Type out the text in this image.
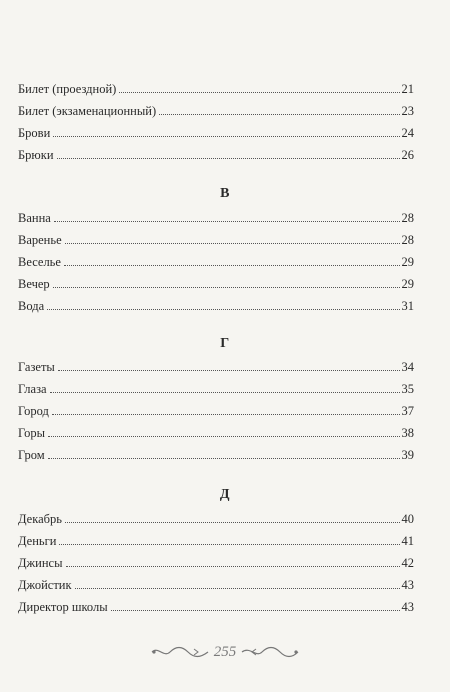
Билет (проездной)	21
Билет (экзаменационный)	23
Брови	24
Брюки	26
В
Ванна	28
Варенье	28
Веселье	29
Вечер	29
Вода	31
Г
Газеты	34
Глаза	35
Город	37
Горы	38
Гром	39
Д
Декабрь	40
Деньги	41
Джинсы	42
Джойстик	43
Директор школы	43
255
